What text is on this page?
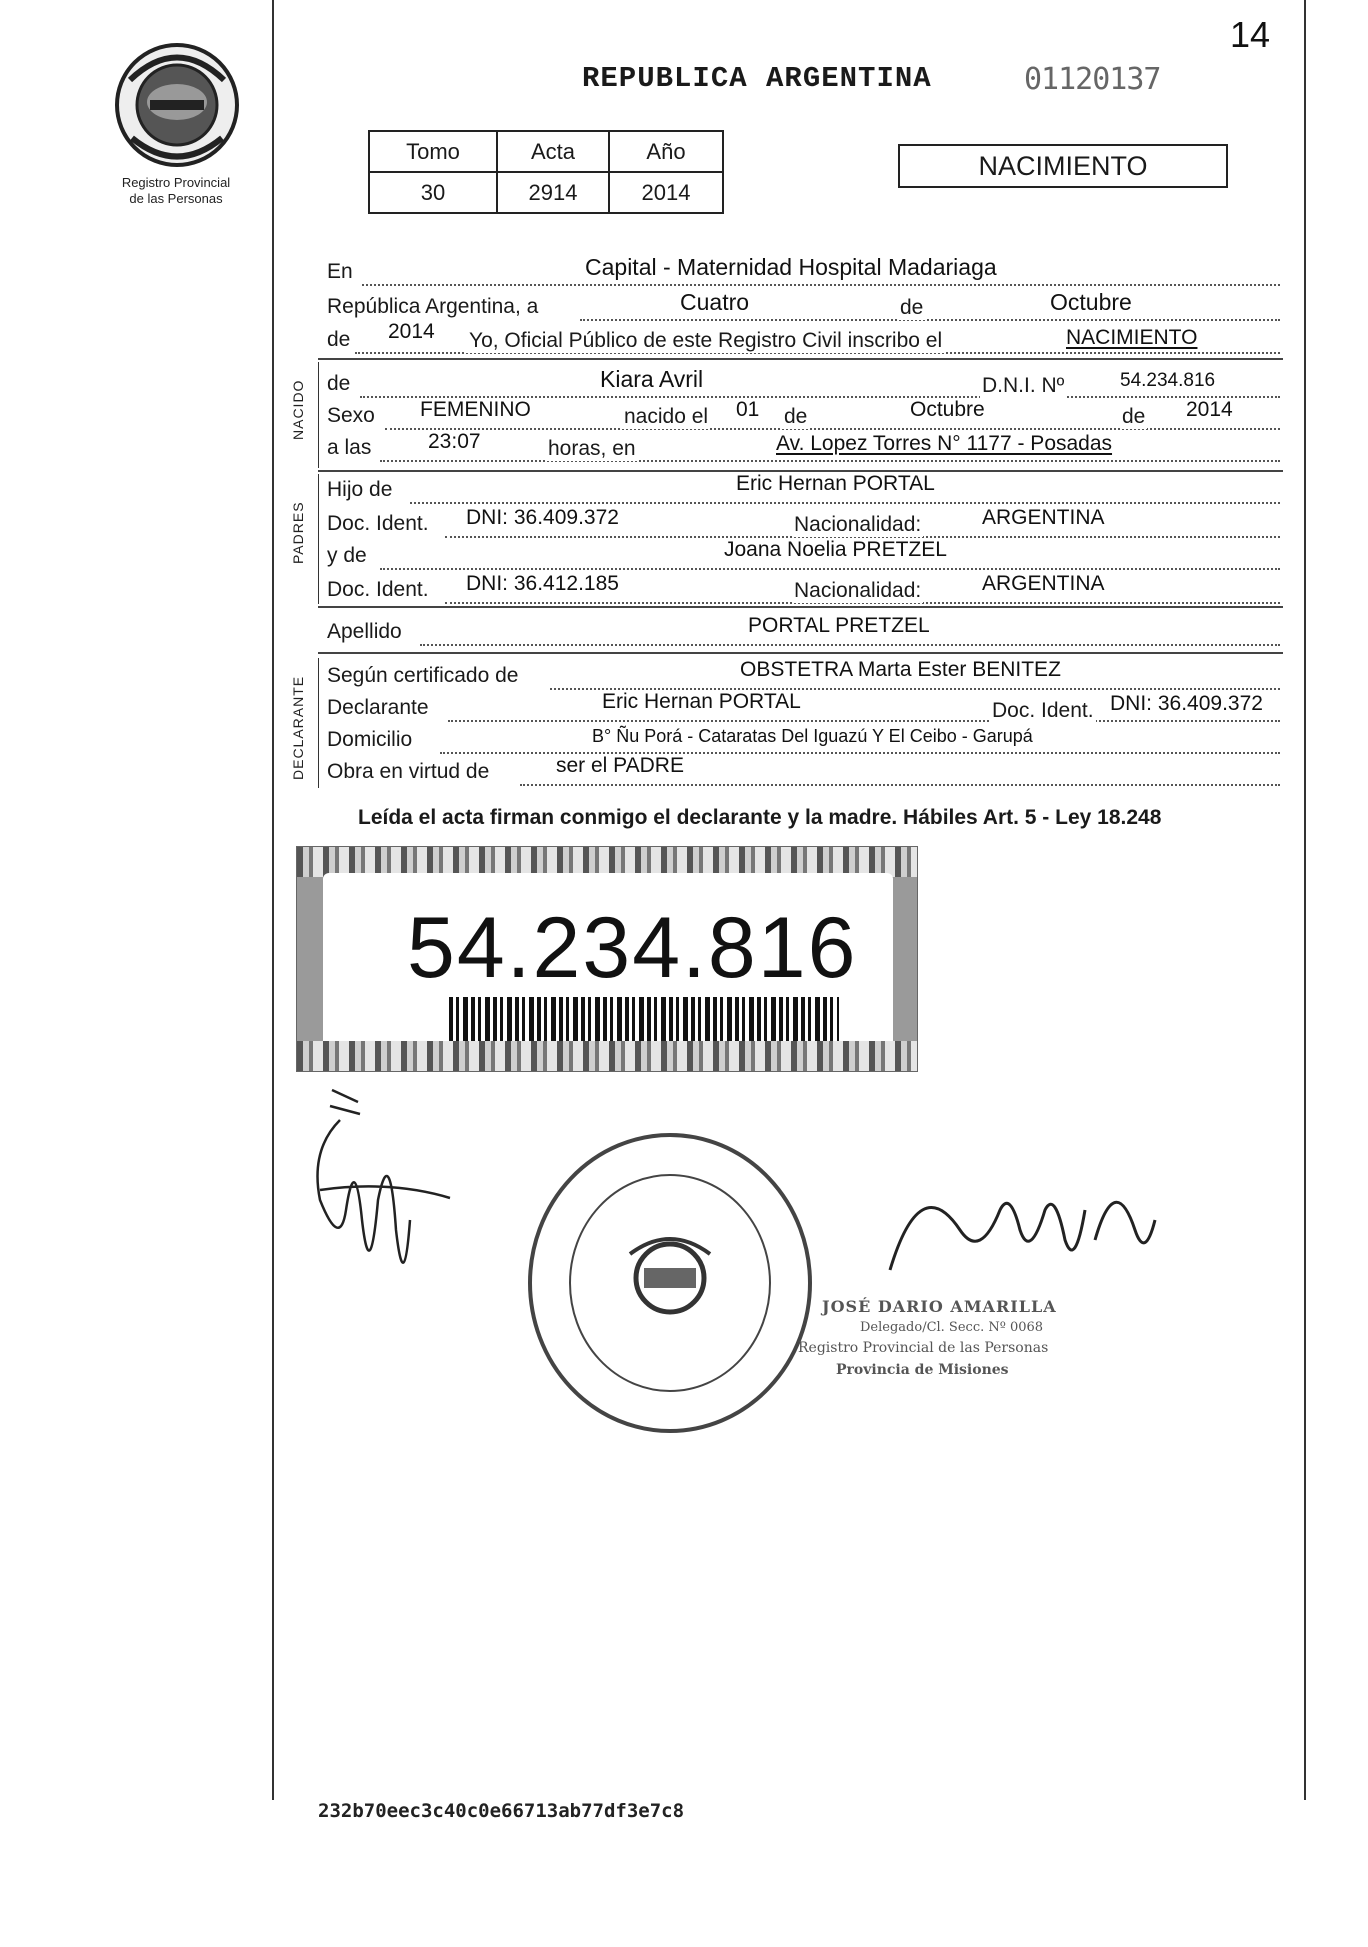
Registro Provincial
de las Personas
14
REPUBLICA ARGENTINA	01120137
Tomo	Acta	Año
30	2914	2014
NACIMIENTO
En	Capital - Maternidad Hospital Madariaga
República Argentina, a	Cuatro	de	Octubre
de 2014 Yo, Oficial Público de este Registro Civil inscribo el	NACIMIENTO
NACIDO de	Kiara Avril	D.N.I. Nº	54.234.816
Sexo FEMENINO	nacido el 01 de	Octubre	de 2014
a las	23:07	horas, en	Av. Lopez Torres N° 1177 - Posadas
PADRES
Hijo de	Eric Hernan PORTAL
Doc. Ident. DNI: 36.409.372	Nacionalidad:	ARGENTINA
y de	Joana Noelia PRETZEL
Doc. Ident. DNI: 36.412.185	Nacionalidad:	ARGENTINA
Apellido	PORTAL PRETZEL
DECLARANTE
Según certificado de	OBSTETRA Marta Ester BENITEZ
Declarante	Eric Hernan PORTAL	Doc. Ident. DNI: 36.409.372
Domicilio	B° Ñu Porá - Cataratas Del Iguazú Y El Ceibo - Garupá
Obra en virtud de	ser el PADRE
Leída el acta firman conmigo el declarante y la madre. Hábiles Art. 5 - Ley 18.248
54.234.816
JOSÉ DARIO AMARILLA
Delegado/Cl. Secc. Nº 0068
Registro Provincial de las Personas
Provincia de Misiones
232b70eec3c40c0e66713ab77df3e7c8
